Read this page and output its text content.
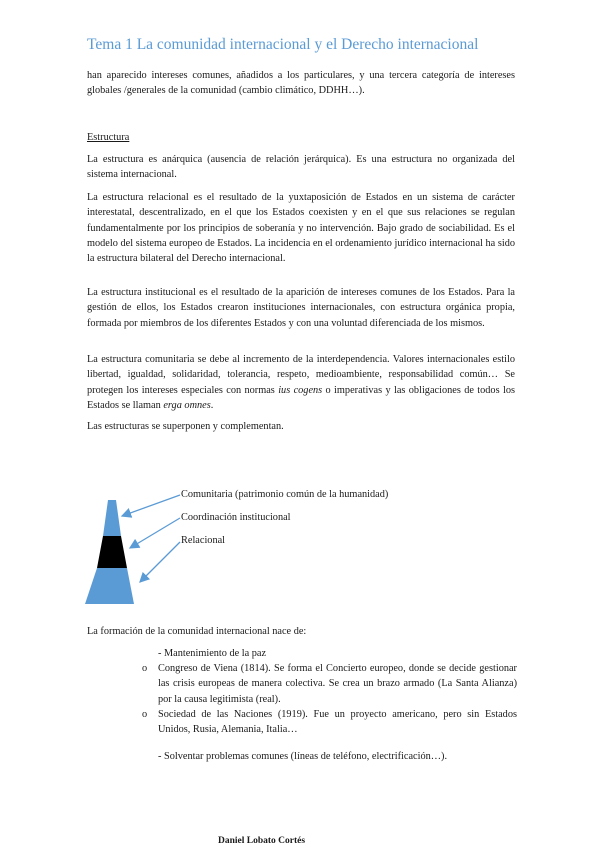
Tema 1 La comunidad internacional y el Derecho internacional

han aparecido intereses comunes, añadidos a los particulares, y una tercera categoría de intereses globales /generales de la comunidad (cambio climático, DDHH…).

Estructura

La estructura es anárquica (ausencia de relación jerárquica). Es una estructura no organizada del sistema internacional.

La estructura relacional es el resultado de la yuxtaposición de Estados en un sistema de carácter interestatal, descentralizado, en el que los Estados coexisten y en el que sus relaciones se regulan fundamentalmente por los principios de soberanía y no intervención. Bajo grado de sociabilidad. Es el modelo del sistema europeo de Estados. La incidencia en el ordenamiento jurídico internacional ha sido la estructura bilateral del Derecho internacional.

La estructura institucional es el resultado de la aparición de intereses comunes de los Estados. Para la gestión de ellos, los Estados crearon instituciones internacionales, con estructura orgánica propia, formada por miembros de los diferentes Estados y con una voluntad diferenciada de los mismos.

La estructura comunitaria se debe al incremento de la interdependencia. Valores internacionales estilo libertad, igualdad, solidaridad, tolerancia, respeto, medioambiente, responsabilidad común… Se protegen los intereses especiales con normas ius cogens o imperativas y las obligaciones de todos los Estados se llaman erga omnes.

Las estructuras se superponen y complementan.

Comunitaria (patrimonio común de la humanidad)
Coordinación institucional
Relacional

La formación de la comunidad internacional nace de:

- Mantenimiento de la paz
o Congreso de Viena (1814). Se forma el Concierto europeo, donde se decide gestionar las crisis europeas de manera colectiva. Se crea un brazo armado (La Santa Alianza) por la causa legitimista (real).
o Sociedad de las Naciones (1919). Fue un proyecto americano, pero sin Estados Unidos, Rusia, Alemania, Italia…
- Solventar problemas comunes (líneas de teléfono, electrificación…).
Daniel Lobato Cortés
